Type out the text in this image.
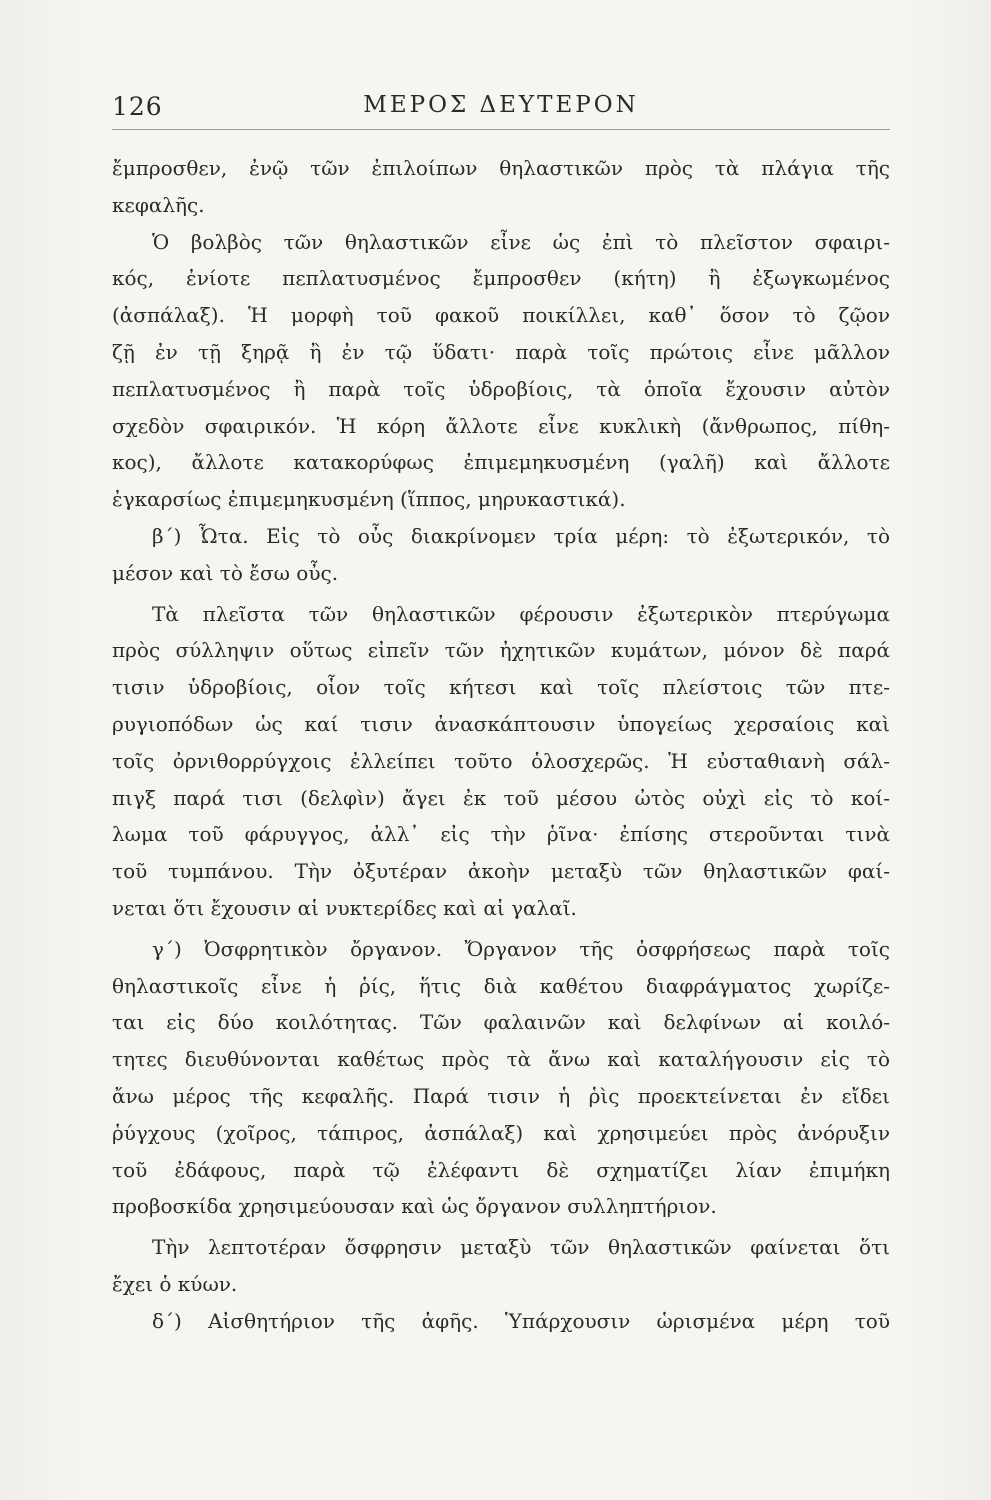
126	ΜΕΡΟΣ ΔΕΥΤΕΡΟΝ
ἔμπροσθεν, ἐνῷ τῶν ἐπιλοίπων θηλαστικῶν πρὸς τὰ πλάγια τῆς
κεφαλῆς.
Ὁ βολβὸς τῶν θηλαστικῶν εἶνε ὡς ἐπὶ τὸ πλεῖστον σφαιρι-
κός, ἐνίοτε πεπλατυσμένος ἔμπροσθεν (κήτη) ἢ ἐξωγκωμένος
(ἀσπάλαξ). Ἡ μορφὴ τοῦ φακοῦ ποικίλλει, καθ᾽ ὅσον τὸ ζῷον
ζῇ ἐν τῇ ξηρᾷ ἢ ἐν τῷ ὕδατι· παρὰ τοῖς πρώτοις εἶνε μᾶλλον
πεπλατυσμένος ἢ παρὰ τοῖς ὑδροβίοις, τὰ ὁποῖα ἔχουσιν αὐτὸν
σχεδὸν σφαιρικόν. Ἡ κόρη ἄλλοτε εἶνε κυκλικὴ (ἄνθρωπος, πίθη-
κος), ἄλλοτε κατακορύφως ἐπιμεμηκυσμένη (γαλῆ) καὶ ἄλλοτε
ἐγκαρσίως ἐπιμεμηκυσμένη (ἵππος, μηρυκαστικά).
β´) Ὦτα. Εἰς τὸ οὖς διακρίνομεν τρία μέρη: τὸ ἐξωτερικόν, τὸ
μέσον καὶ τὸ ἔσω οὖς.
Τὰ πλεῖστα τῶν θηλαστικῶν φέρουσιν ἐξωτερικὸν πτερύγωμα
πρὸς σύλληψιν οὕτως εἰπεῖν τῶν ἠχητικῶν κυμάτων, μόνον δὲ παρά
τισιν ὑδροβίοις, οἷον τοῖς κήτεσι καὶ τοῖς πλείστοις τῶν πτε-
ρυγιοπόδων ὡς καί τισιν ἀνασκάπτουσιν ὑπογείως χερσαίοις καὶ
τοῖς ὀρνιθορρύγχοις ἐλλείπει τοῦτο ὁλοσχερῶς. Ἡ εὐσταθιανὴ σάλ-
πιγξ παρά τισι (δελφὶν) ἄγει ἐκ τοῦ μέσου ὠτὸς οὐχὶ εἰς τὸ κοί-
λωμα τοῦ φάρυγγος, ἀλλ᾽ εἰς τὴν ῥῖνα· ἐπίσης στεροῦνται τινὰ
τοῦ τυμπάνου. Τὴν ὀξυτέραν ἀκοὴν μεταξὺ τῶν θηλαστικῶν φαί-
νεται ὅτι ἔχουσιν αἱ νυκτερίδες καὶ αἱ γαλαῖ.
γ´) Ὀσφρητικὸν ὄργανον. Ὄργανον τῆς ὀσφρήσεως παρὰ τοῖς
θηλαστικοῖς εἶνε ἡ ῥίς, ἥτις διὰ καθέτου διαφράγματος χωρίζε-
ται εἰς δύο κοιλότητας. Τῶν φαλαινῶν καὶ δελφίνων αἱ κοιλό-
τητες διευθύνονται καθέτως πρὸς τὰ ἄνω καὶ καταλήγουσιν εἰς τὸ
ἄνω μέρος τῆς κεφαλῆς. Παρά τισιν ἡ ῥὶς προεκτείνεται ἐν εἴδει
ῥύγχους (χοῖρος, τάπιρος, ἀσπάλαξ) καὶ χρησιμεύει πρὸς ἀνόρυξιν
τοῦ ἐδάφους, παρὰ τῷ ἐλέφαντι δὲ σχηματίζει λίαν ἐπιμήκη
προβοσκίδα χρησιμεύουσαν καὶ ὡς ὄργανον συλληπτήριον.
Τὴν λεπτοτέραν ὄσφρησιν μεταξὺ τῶν θηλαστικῶν φαίνεται ὅτι
ἔχει ὁ κύων.
δ´) Αἰσθητήριον τῆς ἁφῆς. Ὑπάρχουσιν ὡρισμένα μέρη τοῦ
